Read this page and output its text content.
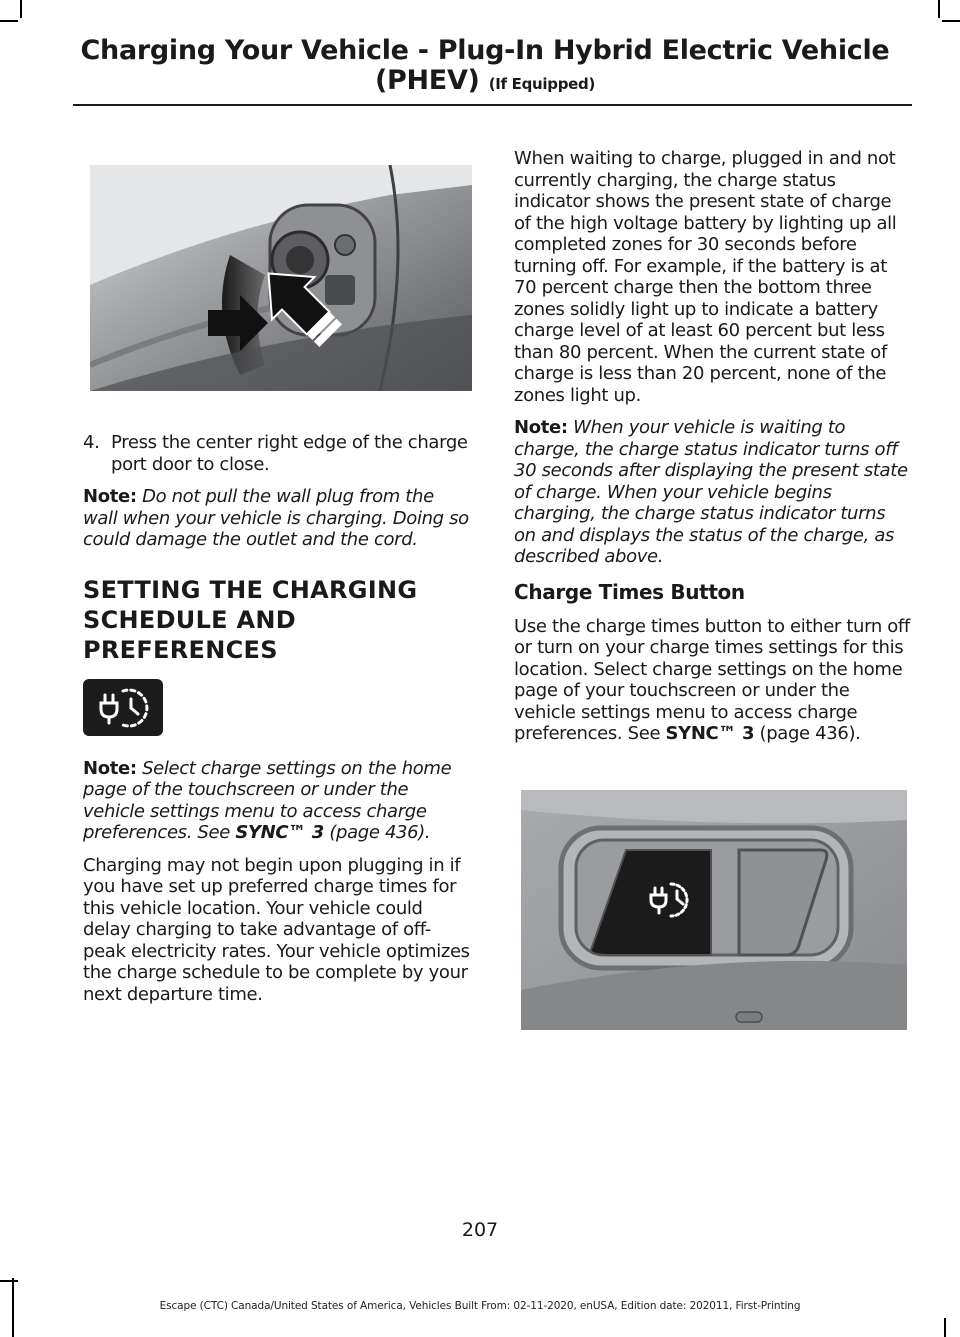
Charging Your Vehicle - Plug-In Hybrid Electric Vehicle
(PHEV) (If Equipped)
4. Press the center right edge of the charge port door to close.

Note: Do not pull the wall plug from the wall when your vehicle is charging. Doing so could damage the outlet and the cord.

SETTING THE CHARGING SCHEDULE AND PREFERENCES

Note: Select charge settings on the home page of the touchscreen or under the vehicle settings menu to access charge preferences. See SYNC™ 3 (page 436).

Charging may not begin upon plugging in if you have set up preferred charge times for this vehicle location. Your vehicle could delay charging to take advantage of off-peak electricity rates. Your vehicle optimizes the charge schedule to be complete by your next departure time.

When waiting to charge, plugged in and not currently charging, the charge status indicator shows the present state of charge of the high voltage battery by lighting up all completed zones for 30 seconds before turning off. For example, if the battery is at 70 percent charge then the bottom three zones solidly light up to indicate a battery charge level of at least 60 percent but less than 80 percent. When the current state of charge is less than 20 percent, none of the zones light up.

Note: When your vehicle is waiting to charge, the charge status indicator turns off 30 seconds after displaying the present state of charge. When your vehicle begins charging, the charge status indicator turns on and displays the status of the charge, as described above.

Charge Times Button

Use the charge times button to either turn off or turn on your charge times settings for this location. Select charge settings on the home page of your touchscreen or under the vehicle settings menu to access charge preferences. See SYNC™ 3 (page 436).

207
Escape (CTC) Canada/United States of America, Vehicles Built From: 02-11-2020, enUSA, Edition date: 202011, First-Printing
